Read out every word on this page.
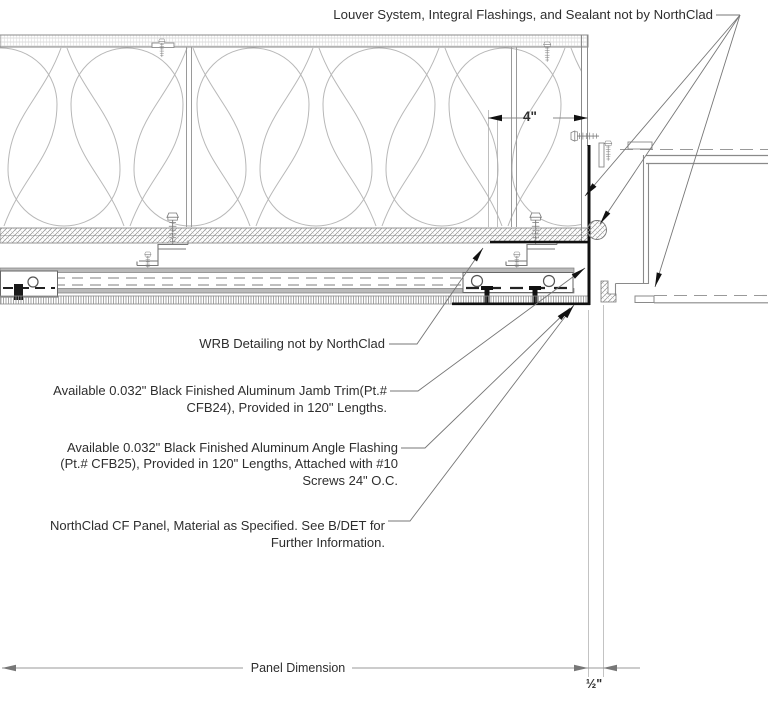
Louver System, Integral Flashings, and Sealant not by NorthClad
WRB Detailing not by NorthClad
Available 0.032" Black Finished Aluminum Jamb Trim(Pt.#
CFB24), Provided in 120" Lengths.
Available 0.032" Black Finished Aluminum Angle Flashing
(Pt.# CFB25), Provided in 120" Lengths, Attached with #10
Screws 24" O.C.
NorthClad CF Panel, Material as Specified. See B/DET for
Further Information.
4"
Panel Dimension
½"
